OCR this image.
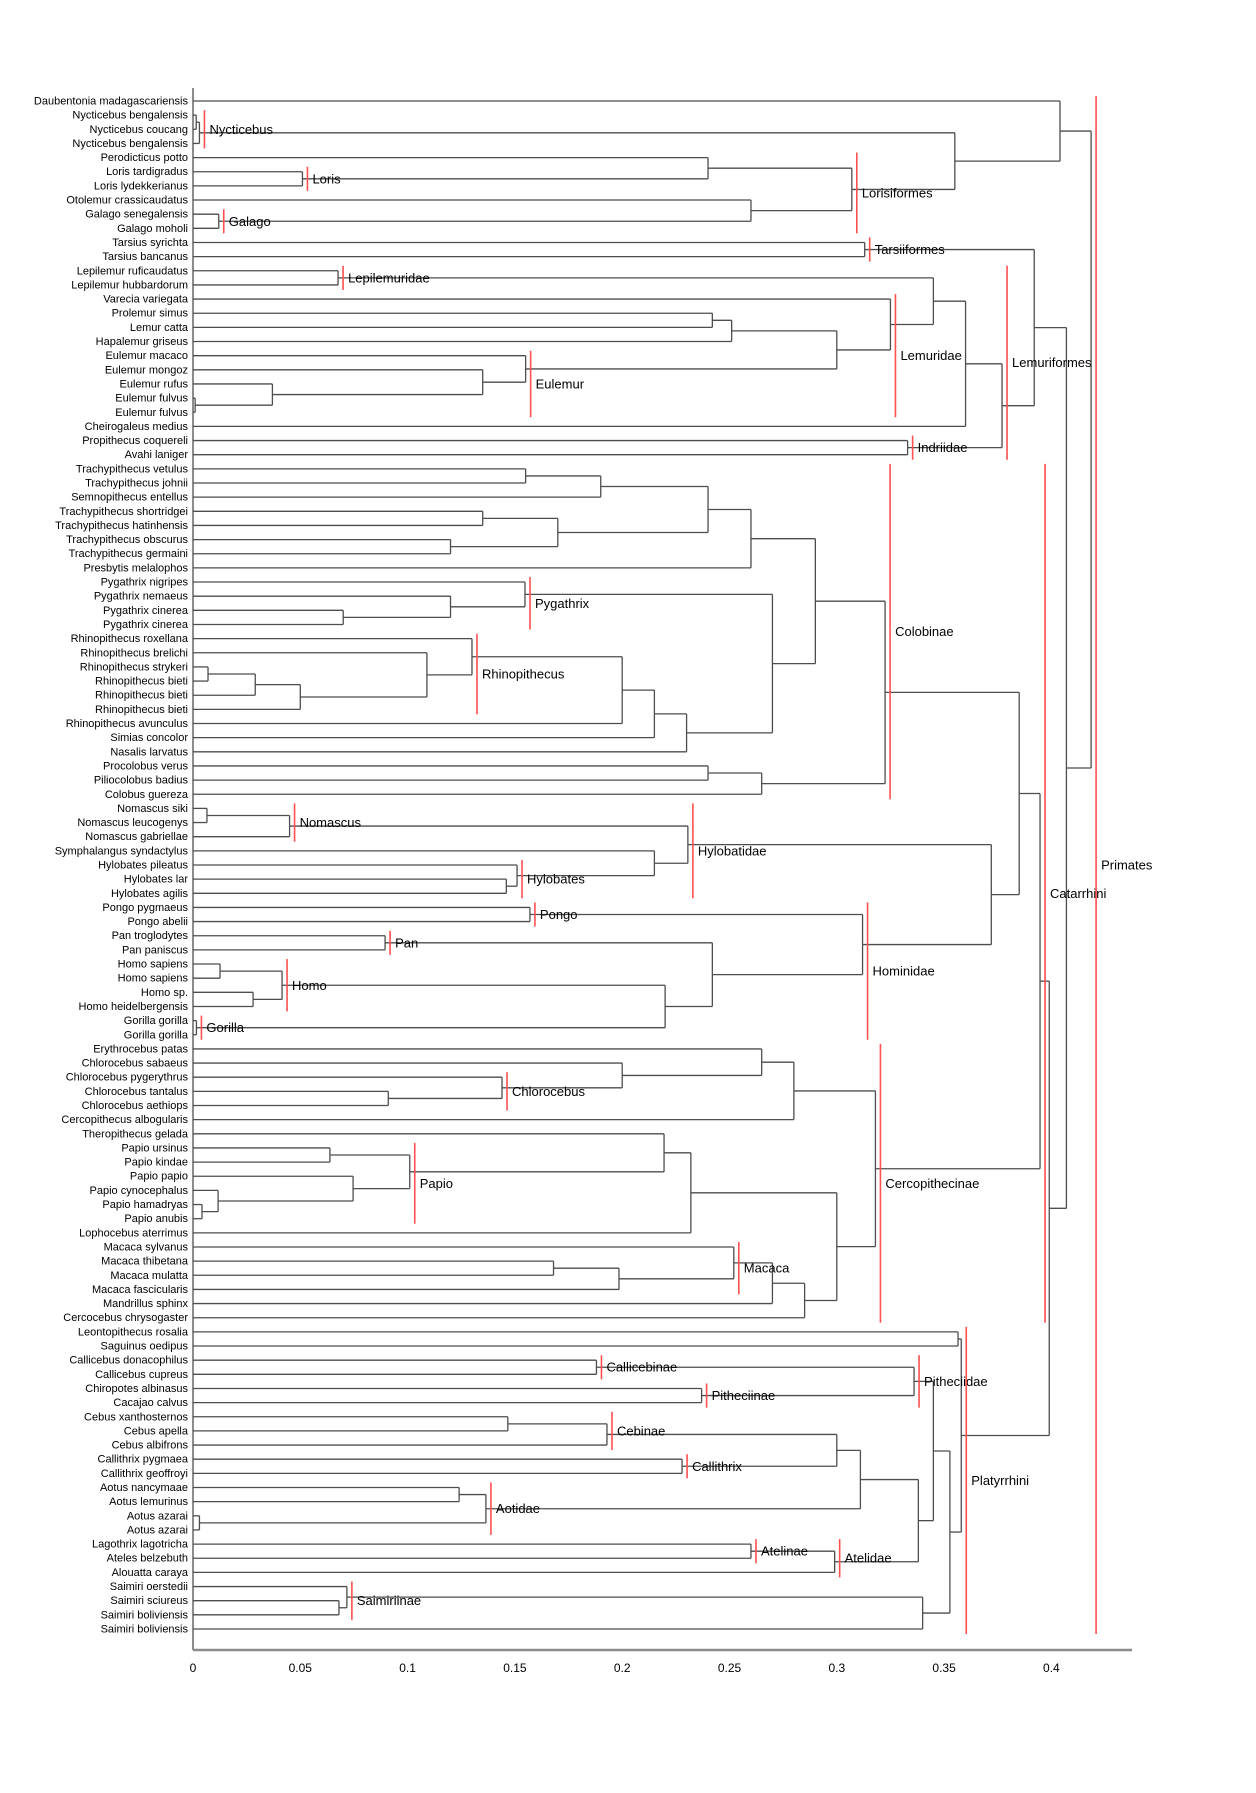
0	0.05	0.1	0.15	0.2	0.25	0.3	0.35	0.4
Daubentonia madagascariensis
Nycticebus bengalensis
Nycticebus coucang
Nycticebus bengalensis
Perodicticus potto
Loris tardigradus
Loris lydekkerianus
Otolemur crassicaudatus
Galago senegalensis
Galago moholi
Tarsius syrichta
Tarsius bancanus
Lepilemur ruficaudatus
Lepilemur hubbardorum
Varecia variegata
Prolemur simus
Lemur catta
Hapalemur griseus
Eulemur macaco
Eulemur mongoz
Eulemur rufus
Eulemur fulvus
Eulemur fulvus
Cheirogaleus medius
Propithecus coquereli
Avahi laniger
Trachypithecus vetulus
Trachypithecus johnii
Semnopithecus entellus
Trachypithecus shortridgei
Trachypithecus hatinhensis
Trachypithecus obscurus
Trachypithecus germaini
Presbytis melalophos
Pygathrix nigripes
Pygathrix nemaeus
Pygathrix cinerea
Pygathrix cinerea
Rhinopithecus roxellana
Rhinopithecus brelichi
Rhinopithecus strykeri
Rhinopithecus bieti
Rhinopithecus bieti
Rhinopithecus bieti
Rhinopithecus avunculus
Simias concolor
Nasalis larvatus
Procolobus verus
Piliocolobus badius
Colobus guereza
Nomascus siki
Nomascus leucogenys
Nomascus gabriellae
Symphalangus syndactylus
Hylobates pileatus
Hylobates lar
Hylobates agilis
Pongo pygmaeus
Pongo abelii
Pan troglodytes
Pan paniscus
Homo sapiens
Homo sapiens
Homo sp.
Homo heidelbergensis
Gorilla gorilla
Gorilla gorilla
Erythrocebus patas
Chlorocebus sabaeus
Chlorocebus pygerythrus
Chlorocebus tantalus
Chlorocebus aethiops
Cercopithecus albogularis
Theropithecus gelada
Papio ursinus
Papio kindae
Papio papio
Papio cynocephalus
Papio hamadryas
Papio anubis
Lophocebus aterrimus
Macaca sylvanus
Macaca thibetana
Macaca mulatta
Macaca fascicularis
Mandrillus sphinx
Cercocebus chrysogaster
Leontopithecus rosalia
Saguinus oedipus
Callicebus donacophilus
Callicebus cupreus
Chiropotes albinasus
Cacajao calvus
Cebus xanthosternos
Cebus apella
Cebus albifrons
Callithrix pygmaea
Callithrix geoffroyi
Aotus nancymaae
Aotus lemurinus
Aotus azarai
Aotus azarai
Lagothrix lagotricha
Ateles belzebuth
Alouatta caraya
Saimiri oerstedii
Saimiri sciureus
Saimiri boliviensis
Saimiri boliviensis
Nycticebus
Loris
Galago
Lorisiformes
Tarsiiformes
Lepilemuridae
Eulemur
Lemuridae
Indriidae
Lemuriformes
Pygathrix
Rhinopithecus
Colobinae
Nomascus
Hylobates
Hylobatidae
Pongo
Pan
Homo
Gorilla
Hominidae
Chlorocebus
Papio
Macaca
Cercopithecinae
Catarrhini
Callicebinae
Pitheciinae
Pitheciidae
Cebinae
Callithrix
Aotidae
Atelinae	Atelidae
Saimiriinae
Platyrrhini
Primates
